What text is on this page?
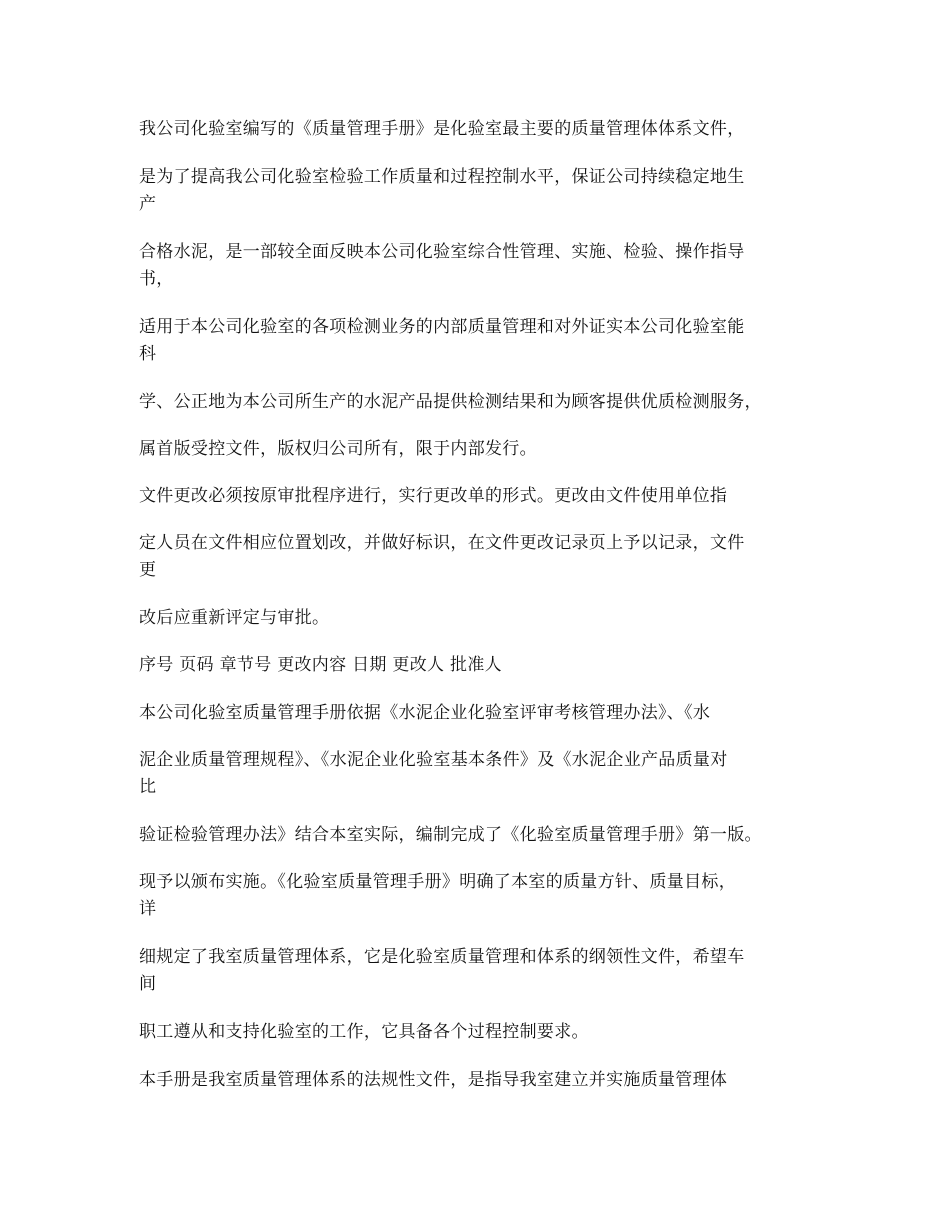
我公司化验室编写的《质量管理手册》是化验室最主要的质量管理体体系文件，

是为了提高我公司化验室检验工作质量和过程控制水平，保证公司持续稳定地生
产

合格水泥，是一部较全面反映本公司化验室综合性管理、实施、检验、操作指导
书，

适用于本公司化验室的各项检测业务的内部质量管理和对外证实本公司化验室能
科

学、公正地为本公司所生产的水泥产品提供检测结果和为顾客提供优质检测服务，

属首版受控文件，版权归公司所有，限于内部发行。

文件更改必须按原审批程序进行，实行更改单的形式。更改由文件使用单位指

定人员在文件相应位置划改，并做好标识，在文件更改记录页上予以记录，文件
更

改后应重新评定与审批。

序号 页码 章节号 更改内容 日期 更改人 批准人

本公司化验室质量管理手册依据《水泥企业化验室评审考核管理办法》、《水

泥企业质量管理规程》、《水泥企业化验室基本条件》及《水泥企业产品质量对
比

验证检验管理办法》结合本室实际，编制完成了《化验室质量管理手册》第一版。

现予以颁布实施。《化验室质量管理手册》明确了本室的质量方针、质量目标，
详

细规定了我室质量管理体系，它是化验室质量管理和体系的纲领性文件，希望车
间

职工遵从和支持化验室的工作，它具备各个过程控制要求。

本手册是我室质量管理体系的法规性文件，是指导我室建立并实施质量管理体
